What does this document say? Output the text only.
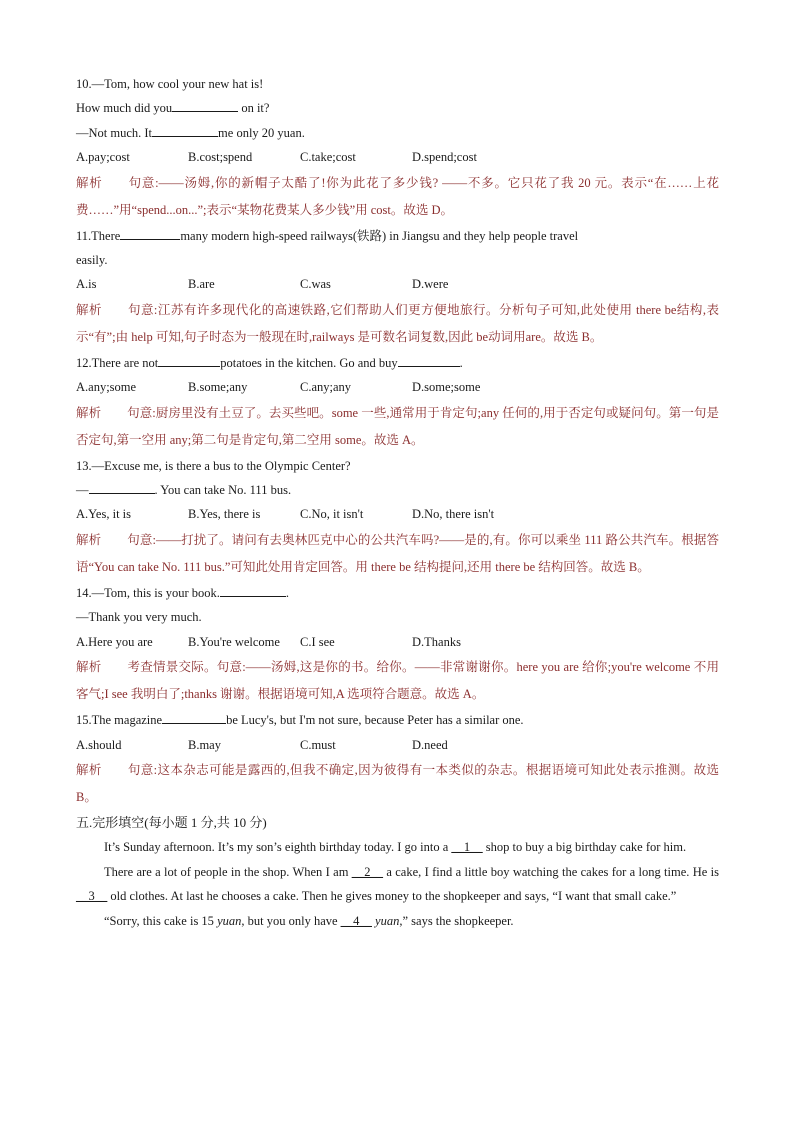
10.—Tom, how cool your new hat is!
How much did you	on it?
—Not much. It	me only 20 yuan.
A.pay;cost	B.cost;spend	C.take;cost	D.spend;cost
解析 句意:——汤姆,你的新帽子太酷了!你为此花了多少钱? ——不多。它只花了我 20 元。表示“在……上花费……”用“spend...on...”;表示“某物花费某人多少钱”用 cost。故选 D。
11.There	many modern high-speed railways(铁路) in Jiangsu and they help people travel
easily.
A.is	B.are	C.was	D.were
解析 句意:江苏有许多现代化的高速铁路,它们帮助人们更方便地旅行。分析句子可知,此处使用 there be结构,表示“有”;由 help 可知,句子时态为一般现在时,railways 是可数名词复数,因此 be动词用are。故选 B。
12.There are not	potatoes in the kitchen. Go and buy	.
A.any;some	B.some;any	C.any;any	D.some;some
解析 句意:厨房里没有土豆了。去买些吧。some 一些,通常用于肯定句;any 任何的,用于否定句或疑问句。第一句是否定句,第一空用 any;第二句是肯定句,第二空用 some。故选 A。
13.—Excuse me, is there a bus to the Olympic Center?
—	. You can take No. 111 bus.
A.Yes, it is	B.Yes, there is	C.No, it isn't	D.No, there isn't
解析 句意:——打扰了。请问有去奥林匹克中心的公共汽车吗?——是的,有。你可以乘坐 111 路公共汽车。根据答语“You can take No. 111 bus.”可知此处用肯定回答。用 there be 结构提问,还用 there be 结构回答。故选 B。
14.—Tom, this is your book.	.
—Thank you very much.
A.Here you are	B.You're welcome	C.I see	D.Thanks
解析 考查情景交际。句意:——汤姆,这是你的书。给你。——非常谢谢你。here you are 给你;you're welcome 不用客气;I see 我明白了;thanks 谢谢。根据语境可知,A 选项符合题意。故选 A。
15.The magazine	be Lucy's, but I'm not sure, because Peter has a similar one.
A.should	B.may	C.must	D.need
解析 句意:这本杂志可能是露西的,但我不确定,因为彼得有一本类似的杂志。根据语境可知此处表示推测。故选 B。
五.完形填空(每小题 1 分,共 10 分)
It’s Sunday afternoon. It’s my son’s eighth birthday today. I go into a __1__ shop to buy a big birthday cake for him.
There are a lot of people in the shop. When I am __2__ a cake, I find a little boy watching the cakes for a long time. He is __3__ old clothes. At last he chooses a cake. Then he gives money to the shopkeeper and says, “I want that small cake.”
“Sorry, this cake is 15 yuan, but you only have __4__ yuan,” says the shopkeeper.
